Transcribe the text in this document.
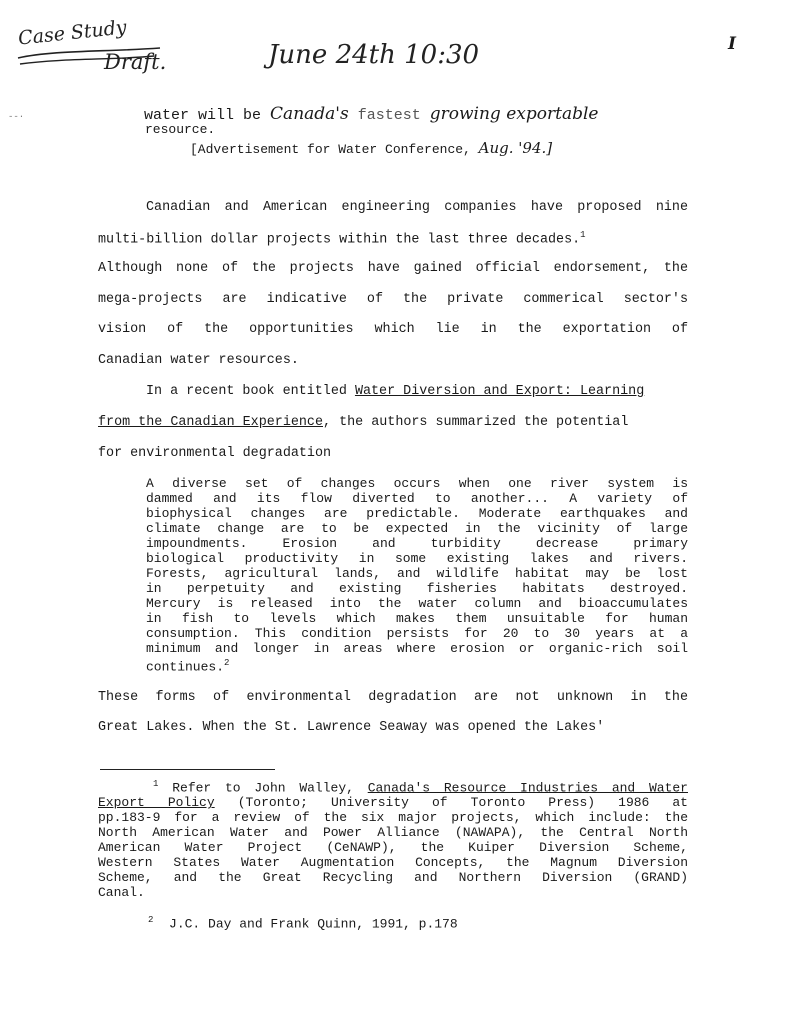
Case Study
Draft.	June 24th 10:30	I
--·	water will be Canada's fastest growing exportable
resource.
[Advertisement for Water Conference, Aug. '94.]
Canadian and American engineering companies have proposed nine
multi-billion dollar projects within the last three decades.$^1$
Although none of the projects have gained official endorsement, the
mega-projects are indicative of the private commerical sector's
vision of the opportunities which lie in the exportation of
Canadian water resources.
In a recent book entitled Water Diversion and Export: Learning
from the Canadian Experience, the authors summarized the potential
for environmental degradation
A diverse set of changes occurs when one river system is
dammed and its flow diverted to another... A variety of
biophysical changes are predictable. Moderate earthquakes and
climate change are to be expected in the vicinity of large
impoundments. Erosion and turbidity decrease primary
biological productivity in some existing lakes and rivers.
Forests, agricultural lands, and wildlife habitat may be lost
in perpetuity and existing fisheries habitats destroyed.
Mercury is released into the water column and bioaccumulates
in fish to levels which makes them unsuitable for human
consumption. This condition persists for 20 to 30 years at a
minimum and longer in areas where erosion or organic-rich soil
continues.$^2$
These forms of environmental degradation are not unknown in the
Great Lakes. When the St. Lawrence Seaway was opened the Lakes'
$^1$ Refer to John Walley, Canada's Resource Industries and Water
Export Policy (Toronto; University of Toronto Press) 1986 at
pp.183-9 for a review of the six major projects, which include: the
North American Water and Power Alliance (NAWAPA), the Central North
American Water Project (CeNAWP), the Kuiper Diversion Scheme,
Western States Water Augmentation Concepts, the Magnum Diversion
Scheme, and the Great Recycling and Northern Diversion (GRAND)
Canal.
$^2$ J.C. Day and Frank Quinn, 1991, p.178
